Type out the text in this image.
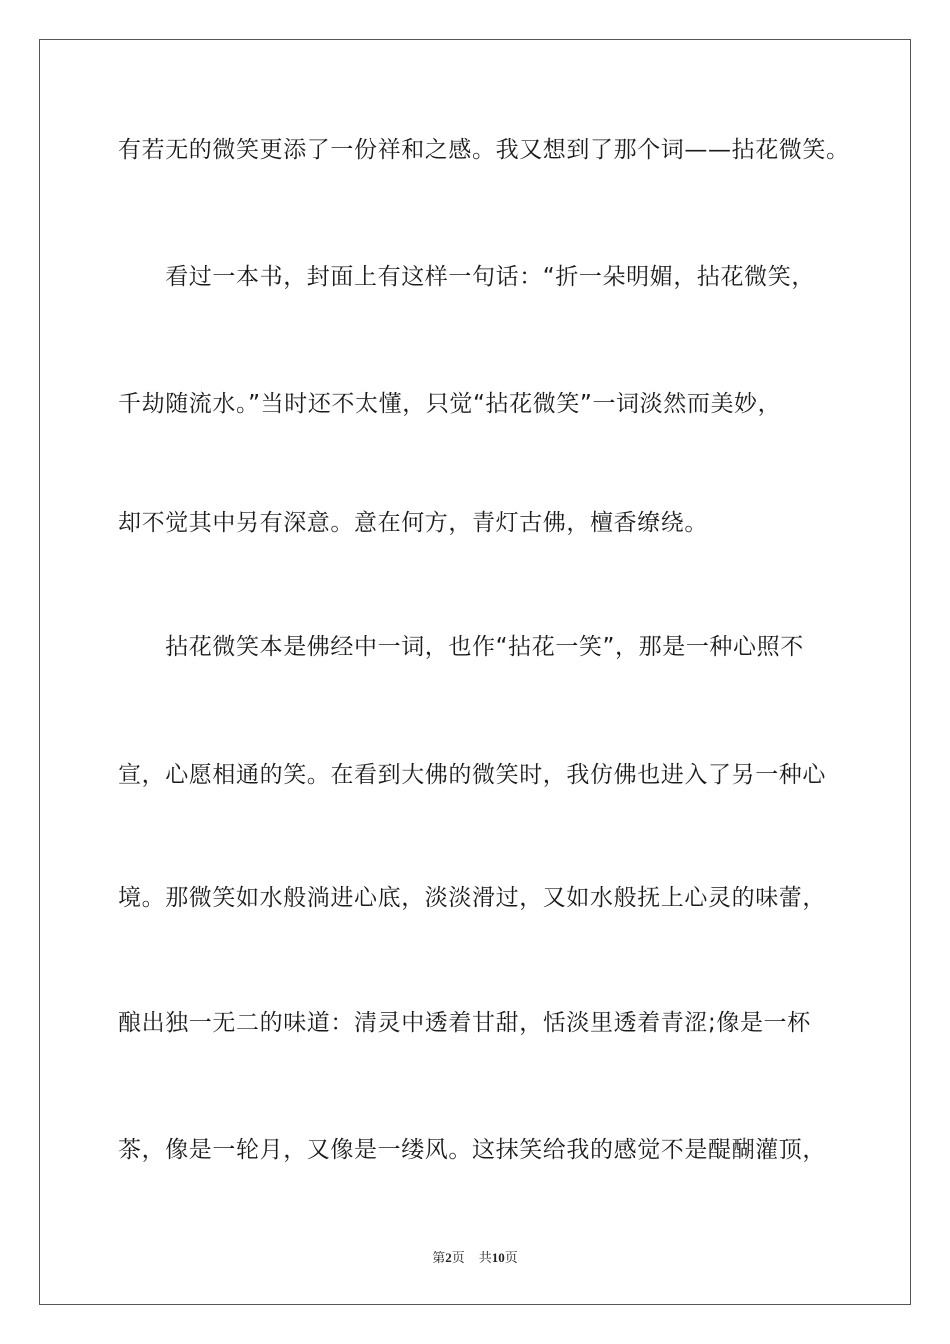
有若无的微笑更添了一份祥和之感。我又想到了那个词——拈花微笑。
　　看过一本书，封面上有这样一句话：“折一朵明媚，拈花微笑，
千劫随流水。”当时还不太懂，只觉“拈花微笑”一词淡然而美妙，
却不觉其中另有深意。意在何方，青灯古佛，檀香缭绕。
　　拈花微笑本是佛经中一词，也作“拈花一笑”，那是一种心照不
宣，心愿相通的笑。在看到大佛的微笑时，我仿佛也进入了另一种心
境。那微笑如水般淌进心底，淡淡滑过，又如水般抚上心灵的味蕾，
酿出独一无二的味道：清灵中透着甘甜，恬淡里透着青涩;像是一杯
茶，像是一轮月，又像是一缕风。这抹笑给我的感觉不是醍醐灌顶，
第2页 共10页
